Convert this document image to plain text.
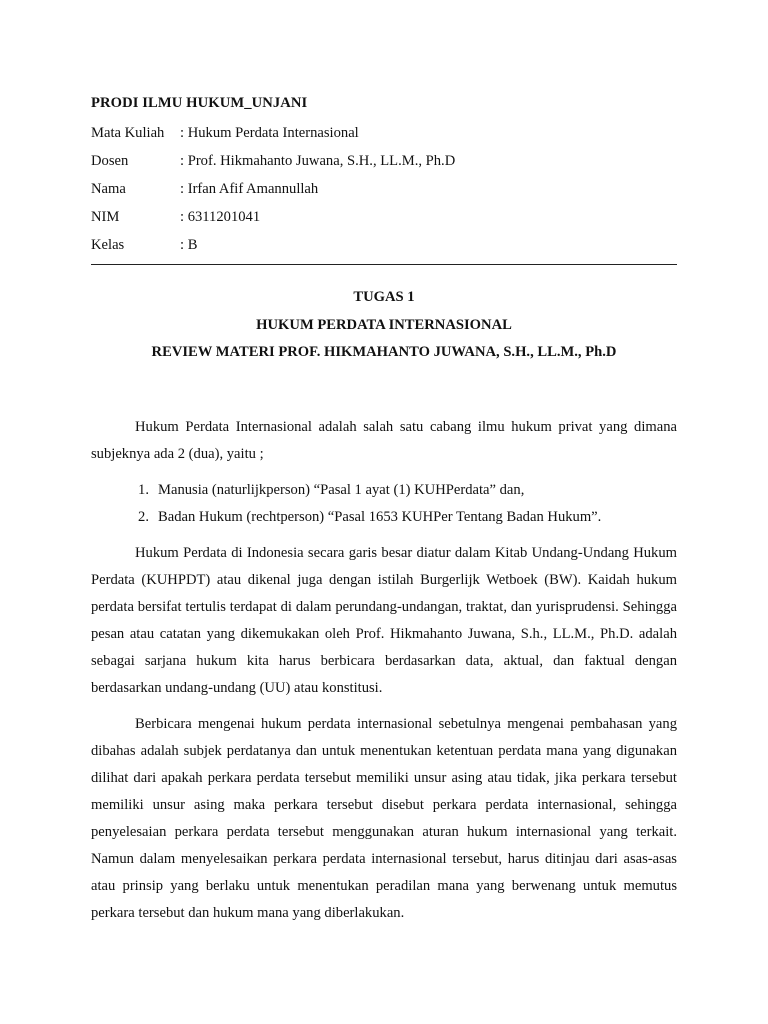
PRODI ILMU HUKUM_UNJANI
Mata Kuliah	: Hukum Perdata Internasional
Dosen	: Prof. Hikmahanto Juwana, S.H., LL.M., Ph.D
Nama	: Irfan Afif Amannullah
NIM	: 6311201041
Kelas	: B
TUGAS 1
HUKUM PERDATA INTERNASIONAL
REVIEW MATERI PROF. HIKMAHANTO JUWANA, S.H., LL.M., Ph.D

Hukum Perdata Internasional adalah salah satu cabang ilmu hukum privat yang dimana subjeknya ada 2 (dua), yaitu ;

1. Manusia (naturlijkperson) “Pasal 1 ayat (1) KUHPerdata” dan,
2. Badan Hukum (rechtperson) “Pasal 1653 KUHPer Tentang Badan Hukum”.

Hukum Perdata di Indonesia secara garis besar diatur dalam Kitab Undang-Undang Hukum Perdata (KUHPDT) atau dikenal juga dengan istilah Burgerlijk Wetboek (BW). Kaidah hukum perdata bersifat tertulis terdapat di dalam perundang-undangan, traktat, dan yurisprudensi. Sehingga pesan atau catatan yang dikemukakan oleh Prof. Hikmahanto Juwana, S.h., LL.M., Ph.D. adalah sebagai sarjana hukum kita harus berbicara berdasarkan data, aktual, dan faktual dengan berdasarkan undang-undang (UU) atau konstitusi.

Berbicara mengenai hukum perdata internasional sebetulnya mengenai pembahasan yang dibahas adalah subjek perdatanya dan untuk menentukan ketentuan perdata mana yang digunakan dilihat dari apakah perkara perdata tersebut memiliki unsur asing atau tidak, jika perkara tersebut memiliki unsur asing maka perkara tersebut disebut perkara perdata internasional, sehingga penyelesaian perkara perdata tersebut menggunakan aturan hukum internasional yang terkait. Namun dalam menyelesaikan perkara perdata internasional tersebut, harus ditinjau dari asas-asas atau prinsip yang berlaku untuk menentukan peradilan mana yang berwenang untuk memutus perkara tersebut dan hukum mana yang diberlakukan.
